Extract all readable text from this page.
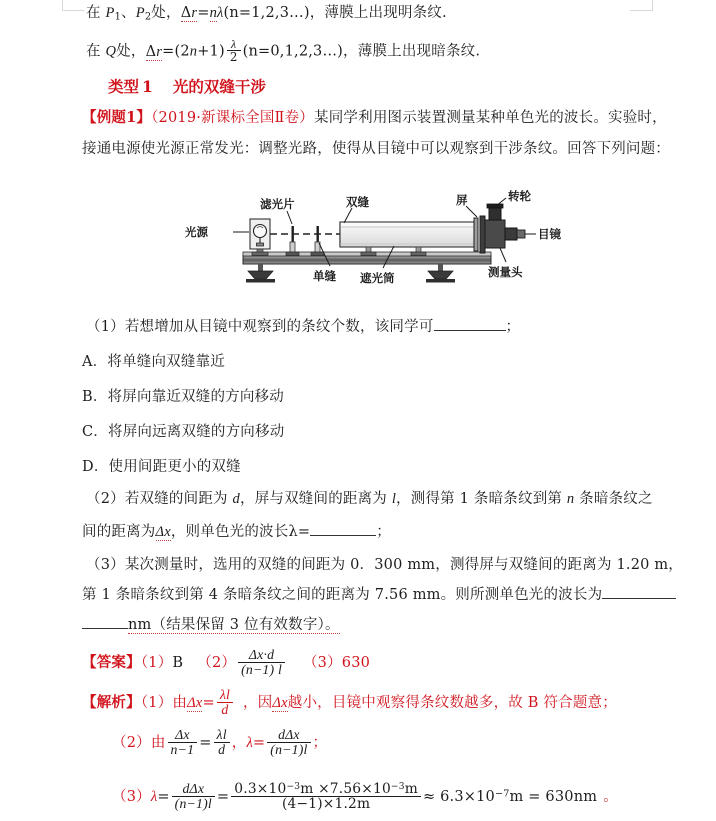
在 $P_1$、$P_2$处，Δr=nλ(n=1,2,3…)，薄膜上出现明条纹.
在 Q处，$\Delta r=(2n+1) \frac{\lambda}{2}$ (n=0,1,2,3…)，薄膜上出现暗条纹.
类型 1 光的双缝干涉
【例题1】（2019·新课标全国Ⅱ卷）某同学利用图示装置测量某种单色光的波长。实验时，
接通电源使光源正常发光：调整光路，使得从目镜中可以观察到干涉条纹。回答下列问题：
光源
滤光片
单缝
双缝
遮光筒
屏	转轮
目镜
测量头
（1）若想增加从目镜中观察到的条纹个数，该同学可	；
A．将单缝向双缝靠近
B．将屏向靠近双缝的方向移动
C．将屏向远离双缝的方向移动
D．使用间距更小的双缝
（2）若双缝的间距为 d，屏与双缝间的距离为 l，测得第 1 条暗条纹到第 n 条暗条纹之
间的距离为Δx，则单色光的波长λ=	；
（3）某次测量时，选用的双缝的间距为 0．300 mm，测得屏与双缝间的距离为 1.20 m，
第 1 条暗条纹到第 4 条暗条纹之间的距离为 7.56 mm。则所测单色光的波长为
nm（结果保留 3 位有效数字）。
【答案】（1）B $(2) \frac{\Delta x\cdot d}{(n-1) l} (3)630$
【解析】（1）由$\Delta x= \frac{\lambda l}{d}$ ，因Δx越小，目镜中观察得条纹数越多，故 B 符合题意；
（2）由 $\frac{\Delta x}{n-1} = \frac{\lambda l}{d}$ ，$\lambda= \frac{\text{dΔx}}{(n-1)l}$ ；
$(3)\lambda= \frac{\text{dΔx}}{(n-1)l} = \frac{0.3\times 10^{-3}m \times 7.56\times 10^{-3}m}{(4-1)\times 1.2m} \approx 6.3\times 10^{-7}m = 630nm$ 。
